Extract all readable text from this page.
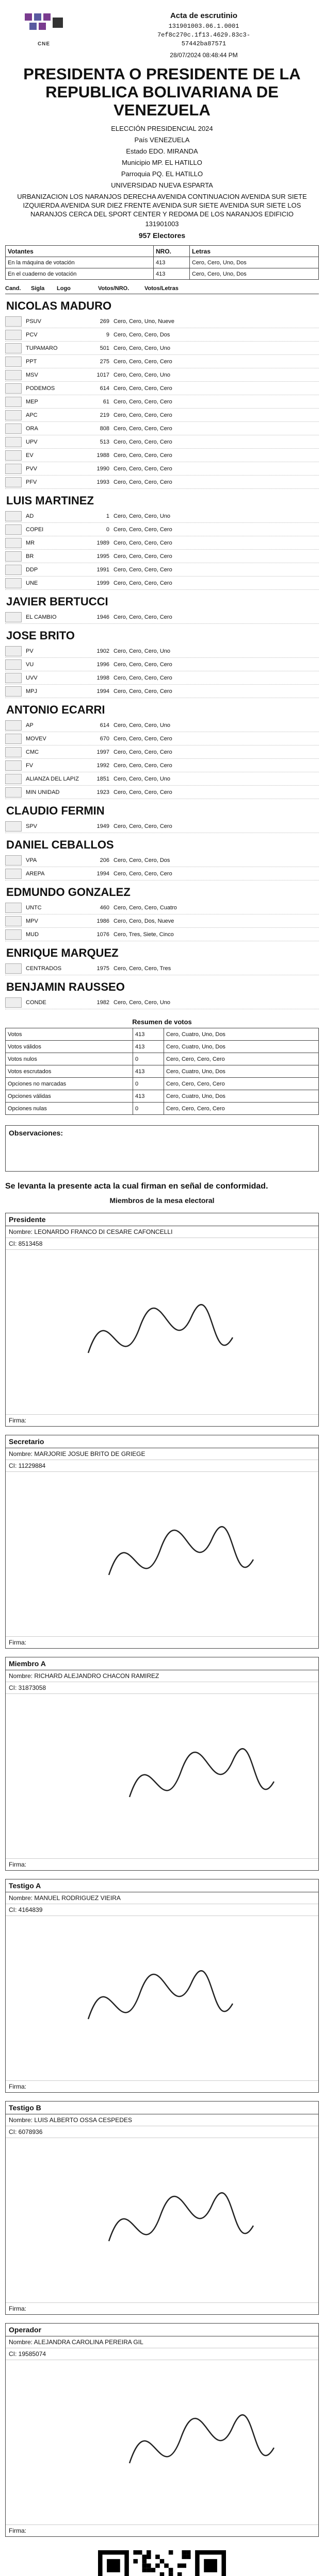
CNE
Acta de escrutinio
131901003.06.1.0001
7ef8c270c.1f13.4629.83c3-
57442ba87571
28/07/2024 08:48:44 PM
PRESIDENTA O PRESIDENTE DE LA REPUBLICA BOLIVARIANA DE VENEZUELA
ELECCIÓN PRESIDENCIAL 2024
País VENEZUELA
Estado EDO. MIRANDA
Municipio MP. EL HATILLO
Parroquia PQ. EL HATILLO
UNIVERSIDAD NUEVA ESPARTA
URBANIZACION LOS NARANJOS DERECHA AVENIDA CONTINUACION AVENIDA SUR SIETE IZQUIERDA AVENIDA SUR DIEZ FRENTE AVENIDA SUR SIETE AVENIDA SUR SIETE LOS NARANJOS CERCA DEL SPORT CENTER Y REDOMA DE LOS NARANJOS EDIFICIO
131901003
957 Electores
Votantes	NRO.	Letras
En la máquina de votación	413	Cero, Cero, Uno, Dos
En el cuaderno de votación	413	Cero, Cero, Uno, Dos
Cand.	Sigla	Logo	Votos/NRO.	Votos/Letras
NICOLAS MADURO
PSUV	269 Cero, Cero, Uno, Nueve
PCV	9 Cero, Cero, Cero, Dos
TUPAMARO	501 Cero, Cero, Cero, Uno
PPT	275 Cero, Cero, Cero, Cero
MSV	1017 Cero, Cero, Cero, Uno
PODEMOS	614 Cero, Cero, Cero, Cero
MEP	61 Cero, Cero, Cero, Cero
APC	219 Cero, Cero, Cero, Cero
ORA	808 Cero, Cero, Cero, Cero
UPV	513 Cero, Cero, Cero, Cero
EV	1988 Cero, Cero, Cero, Cero
PVV	1990 Cero, Cero, Cero, Cero
PFV	1993 Cero, Cero, Cero, Cero
LUIS MARTINEZ
AD	1 Cero, Cero, Cero, Uno
COPEI	0 Cero, Cero, Cero, Cero
MR	1989 Cero, Cero, Cero, Cero
BR	1995 Cero, Cero, Cero, Cero
DDP	1991 Cero, Cero, Cero, Cero
UNE	1999 Cero, Cero, Cero, Cero
JAVIER BERTUCCI
EL CAMBIO	1946 Cero, Cero, Cero, Cero
JOSE BRITO
PV	1902 Cero, Cero, Cero, Uno
VU	1996 Cero, Cero, Cero, Cero
UVV	1998 Cero, Cero, Cero, Cero
MPJ	1994 Cero, Cero, Cero, Cero
ANTONIO ECARRI
AP	614 Cero, Cero, Cero, Uno
MOVEV	670 Cero, Cero, Cero, Cero
CMC	1997 Cero, Cero, Cero, Cero
FV	1992 Cero, Cero, Cero, Cero
ALIANZA DEL LAPIZ	1851 Cero, Cero, Cero, Uno
MIN UNIDAD	1923 Cero, Cero, Cero, Cero
CLAUDIO FERMIN
SPV	1949 Cero, Cero, Cero, Cero
DANIEL CEBALLOS
VPA	206 Cero, Cero, Cero, Dos
AREPA	1994 Cero, Cero, Cero, Cero
EDMUNDO GONZALEZ
UNTC	460 Cero, Cero, Cero, Cuatro
MPV	1986 Cero, Cero, Dos, Nueve
MUD	1076 Cero, Tres, Siete, Cinco
ENRIQUE MARQUEZ
CENTRADOS	1975 Cero, Cero, Cero, Tres
BENJAMIN RAUSSEO
CONDE	1982 Cero, Cero, Cero, Uno
Resumen de votos
Votos	413	Cero, Cuatro, Uno, Dos
Votos válidos	413	Cero, Cuatro, Uno, Dos
Votos nulos	0	Cero, Cero, Cero, Cero
Votos escrutados	413	Cero, Cuatro, Uno, Dos
Opciones no marcadas	0	Cero, Cero, Cero, Cero
Opciones válidas	413	Cero, Cuatro, Uno, Dos
Opciones nulas	0	Cero, Cero, Cero, Cero
Observaciones:
Se levanta la presente acta la cual firman en señal de conformidad.
Miembros de la mesa electoral
Presidente
Nombre: LEONARDO FRANCO DI CESARE CAFONCELLI
CI: 8513458
Firma:
Secretario
Nombre: MARJORIE JOSUE BRITO DE GRIEGE
CI: 11229884
Firma:
Miembro A
Nombre: RICHARD ALEJANDRO CHACON RAMIREZ
CI: 31873058
Firma:
Testigo A
Nombre: MANUEL RODRIGUEZ VIEIRA
CI: 4164839
Firma:
Testigo B
Nombre: LUIS ALBERTO OSSA CESPEDES
CI: 6078936
Firma:
Operador
Nombre: ALEJANDRA CAROLINA PEREIRA GIL
CI: 19585074
Firma:
